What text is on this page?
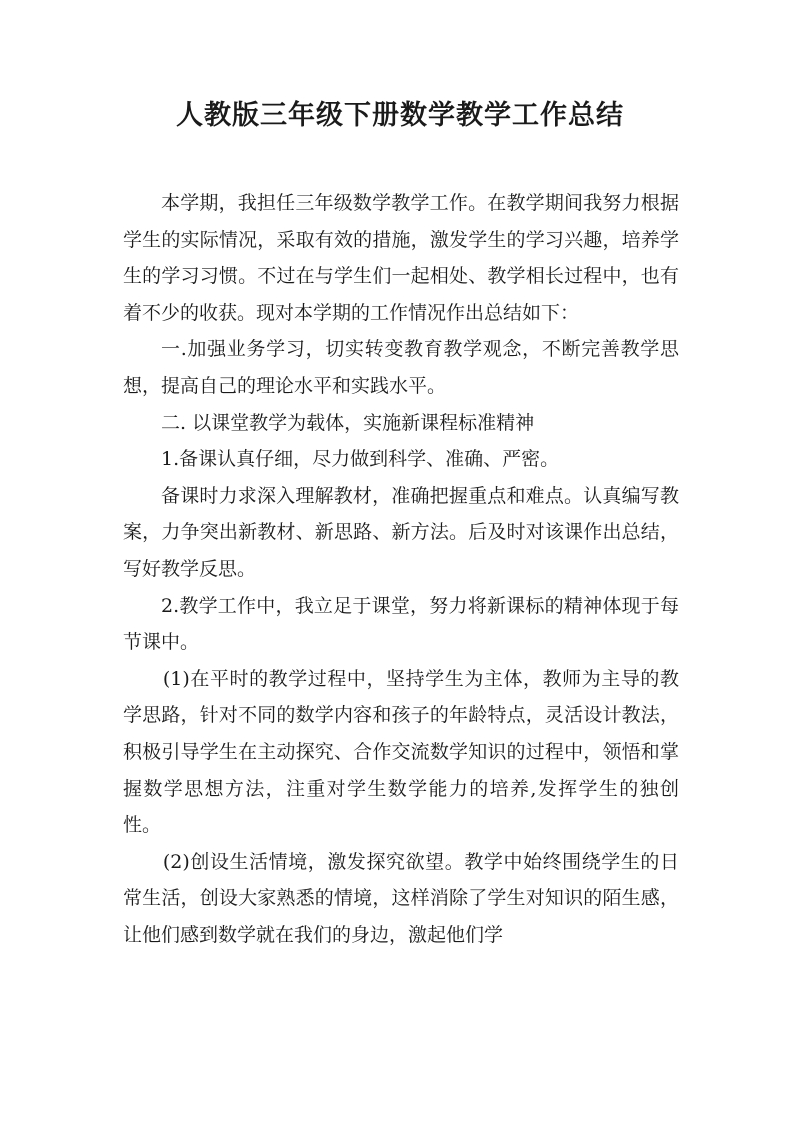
人教版三年级下册数学教学工作总结

本学期，我担任三年级数学教学工作。在教学期间我努力根据学生的实际情况，采取有效的措施，激发学生的学习兴趣，培养学生的学习习惯。不过在与学生们一起相处、教学相长过程中，也有着不少的收获。现对本学期的工作情况作出总结如下：

一.加强业务学习，切实转变教育教学观念，不断完善教学思想，提高自己的理论水平和实践水平。

二. 以课堂教学为载体，实施新课程标准精神

1.备课认真仔细，尽力做到科学、准确、严密。

备课时力求深入理解教材，准确把握重点和难点。认真编写教案，力争突出新教材、新思路、新方法。后及时对该课作出总结，写好教学反思。

2.教学工作中，我立足于课堂，努力将新课标的精神体现于每节课中。

(1)在平时的教学过程中，坚持学生为主体，教师为主导的教学思路，针对不同的数学内容和孩子的年龄特点，灵活设计教法，积极引导学生在主动探究、合作交流数学知识的过程中，领悟和掌握数学思想方法，注重对学生数学能力的培养,发挥学生的独创性。

(2)创设生活情境，激发探究欲望。教学中始终围绕学生的日常生活，创设大家熟悉的情境，这样消除了学生对知识的陌生感，让他们感到数学就在我们的身边，激起他们学
